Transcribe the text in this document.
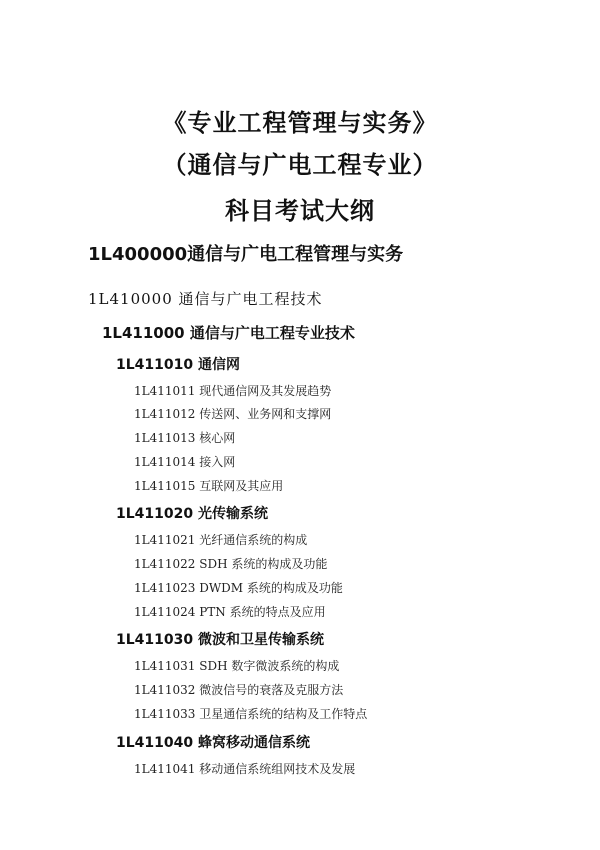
《专业工程管理与实务》
（通信与广电工程专业）
科目考试大纲
1L400000通信与广电工程管理与实务
1L410000 通信与广电工程技术
1L411000 通信与广电工程专业技术
1L411010 通信网
1L411011 现代通信网及其发展趋势
1L411012 传送网、业务网和支撑网
1L411013 核心网
1L411014 接入网
1L411015 互联网及其应用
1L411020 光传输系统
1L411021 光纤通信系统的构成
1L411022 SDH 系统的构成及功能
1L411023 DWDM 系统的构成及功能
1L411024 PTN 系统的特点及应用
1L411030 微波和卫星传输系统
1L411031 SDH 数字微波系统的构成
1L411032 微波信号的衰落及克服方法
1L411033 卫星通信系统的结构及工作特点
1L411040 蜂窝移动通信系统
1L411041 移动通信系统组网技术及发展
